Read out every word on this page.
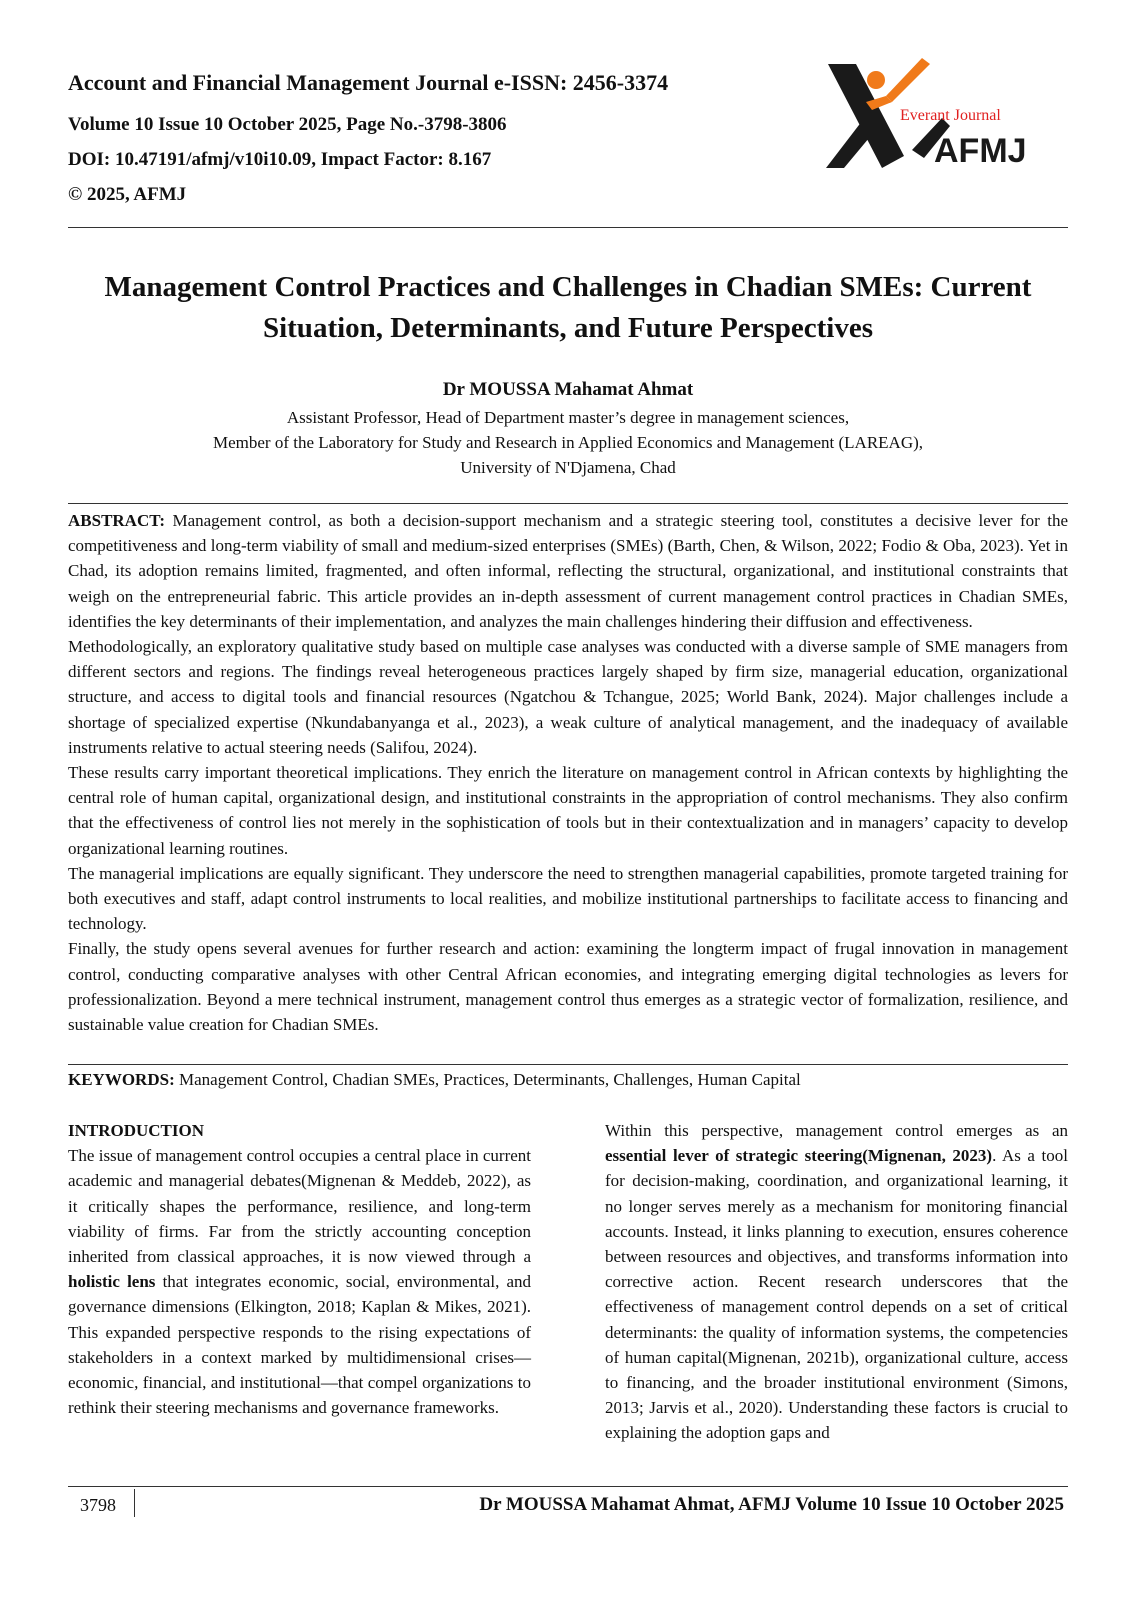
Account and Financial Management Journal e-ISSN: 2456-3374
Volume 10 Issue 10 October 2025, Page No.-3798-3806
DOI: 10.47191/afmj/v10i10.09, Impact Factor: 8.167
© 2025, AFMJ
Everant Journal
AFMJ
Management Control Practices and Challenges in Chadian SMEs: Current
Situation, Determinants, and Future Perspectives
Dr MOUSSA Mahamat Ahmat
Assistant Professor, Head of Department master’s degree in management sciences,
Member of the Laboratory for Study and Research in Applied Economics and Management (LAREAG),
University of N'Djamena, Chad

ABSTRACT: Management control, as both a decision-support mechanism and a strategic steering tool, constitutes a decisive lever for the competitiveness and long-term viability of small and medium-sized enterprises (SMEs) (Barth, Chen, & Wilson, 2022; Fodio & Oba, 2023). Yet in Chad, its adoption remains limited, fragmented, and often informal, reflecting the structural, organizational, and institutional constraints that weigh on the entrepreneurial fabric. This article provides an in-depth assessment of current management control practices in Chadian SMEs, identifies the key determinants of their implementation, and analyzes the main challenges hindering their diffusion and effectiveness.

Methodologically, an exploratory qualitative study based on multiple case analyses was conducted with a diverse sample of SME managers from different sectors and regions. The findings reveal heterogeneous practices largely shaped by firm size, managerial education, organizational structure, and access to digital tools and financial resources (Ngatchou & Tchangue, 2025; World Bank, 2024). Major challenges include a shortage of specialized expertise (Nkundabanyanga et al., 2023), a weak culture of analytical management, and the inadequacy of available instruments relative to actual steering needs (Salifou, 2024).

These results carry important theoretical implications. They enrich the literature on management control in African contexts by highlighting the central role of human capital, organizational design, and institutional constraints in the appropriation of control mechanisms. They also confirm that the effectiveness of control lies not merely in the sophistication of tools but in their contextualization and in managers’ capacity to develop organizational learning routines.

The managerial implications are equally significant. They underscore the need to strengthen managerial capabilities, promote targeted training for both executives and staff, adapt control instruments to local realities, and mobilize institutional partnerships to facilitate access to financing and technology.

Finally, the study opens several avenues for further research and action: examining the longterm impact of frugal innovation in management control, conducting comparative analyses with other Central African economies, and integrating emerging digital technologies as levers for professionalization. Beyond a mere technical instrument, management control thus emerges as a strategic vector of formalization, resilience, and sustainable value creation for Chadian SMEs.

KEYWORDS: Management Control, Chadian SMEs, Practices, Determinants, Challenges, Human Capital
INTRODUCTION

The issue of management control occupies a central place in current academic and managerial debates(Mignenan & Meddeb, 2022), as it critically shapes the performance, resilience, and long-term viability of firms. Far from the strictly accounting conception inherited from classical approaches, it is now viewed through a holistic lens that integrates economic, social, environmental, and governance dimensions (Elkington, 2018; Kaplan & Mikes, 2021). This expanded perspective responds to the rising expectations of stakeholders in a context marked by multidimensional crises— economic, financial, and institutional—that compel organizations to rethink their steering mechanisms and governance frameworks.

Within this perspective, management control emerges as an essential lever of strategic steering(Mignenan, 2023). As a tool for decision-making, coordination, and organizational learning, it no longer serves merely as a mechanism for monitoring financial accounts. Instead, it links planning to execution, ensures coherence between resources and objectives, and transforms information into corrective action. Recent research underscores that the effectiveness of management control depends on a set of critical determinants: the quality of information systems, the competencies of human capital(Mignenan, 2021b), organizational culture, access to financing, and the broader institutional environment (Simons, 2013; Jarvis et al., 2020). Understanding these factors is crucial to explaining the adoption gaps and

3798	Dr MOUSSA Mahamat Ahmat, AFMJ Volume 10 Issue 10 October 2025
